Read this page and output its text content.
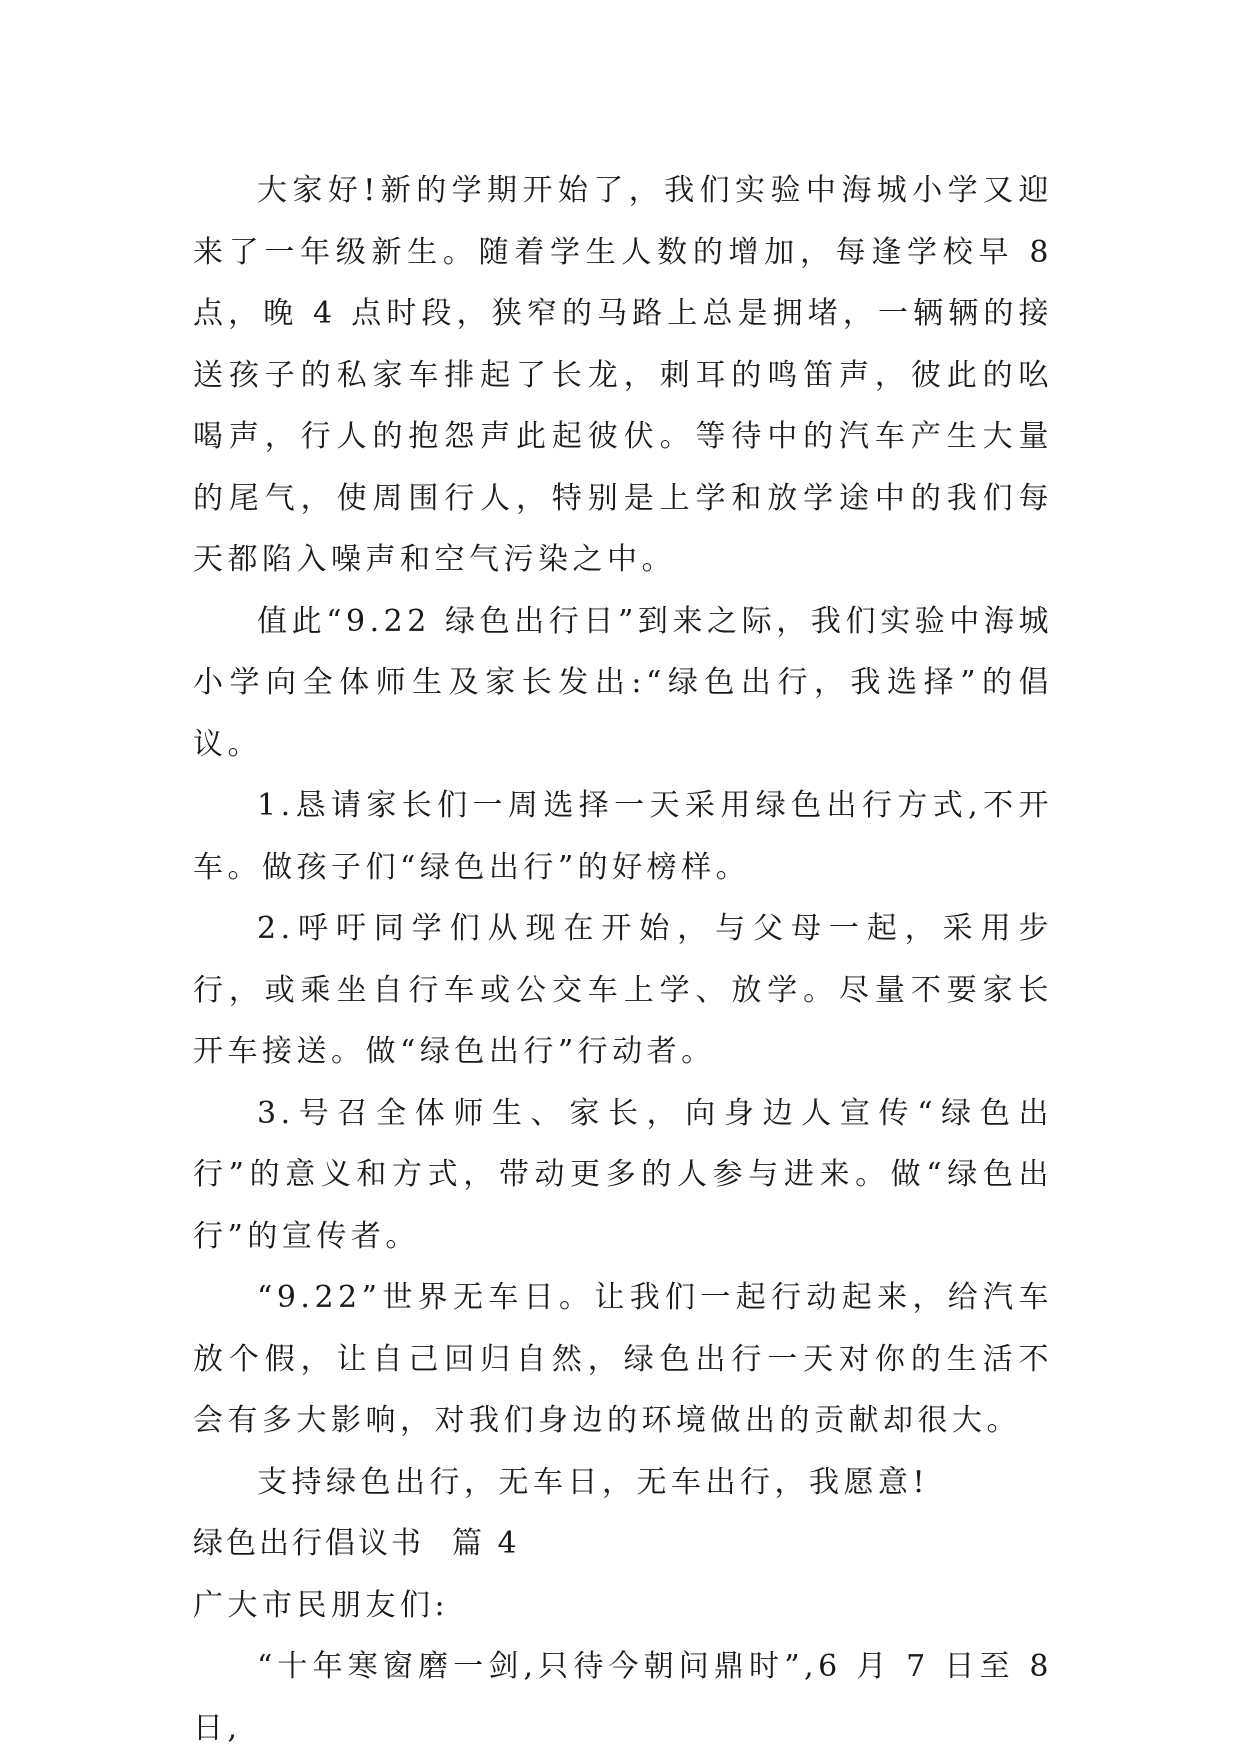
大家好!新的学期开始了，我们实验中海城小学又迎来了一年级新生。随着学生人数的增加，每逢学校早 8 点，晚 4 点时段，狭窄的马路上总是拥堵，一辆辆的接送孩子的私家车排起了长龙，刺耳的鸣笛声，彼此的吆喝声，行人的抱怨声此起彼伏。等待中的汽车产生大量的尾气，使周围行人，特别是上学和放学途中的我们每天都陷入噪声和空气污染之中。

值此“9.22 绿色出行日”到来之际，我们实验中海城小学向全体师生及家长发出:“绿色出行，我选择”的倡议。

1.恳请家长们一周选择一天采用绿色出行方式,不开车。做孩子们“绿色出行”的好榜样。

2.呼吁同学们从现在开始，与父母一起，采用步行，或乘坐自行车或公交车上学、放学。尽量不要家长开车接送。做“绿色出行”行动者。

3.号召全体师生、家长，向身边人宣传“绿色出行”的意义和方式，带动更多的人参与进来。做“绿色出行”的宣传者。

“9.22”世界无车日。让我们一起行动起来，给汽车放个假，让自己回归自然，绿色出行一天对你的生活不会有多大影响，对我们身边的环境做出的贡献却很大。

支持绿色出行，无车日，无车出行，我愿意!

绿色出行倡议书 篇 4

广大市民朋友们:

“十年寒窗磨一剑,只待今朝问鼎时”,6 月 7 日至 8 日,
